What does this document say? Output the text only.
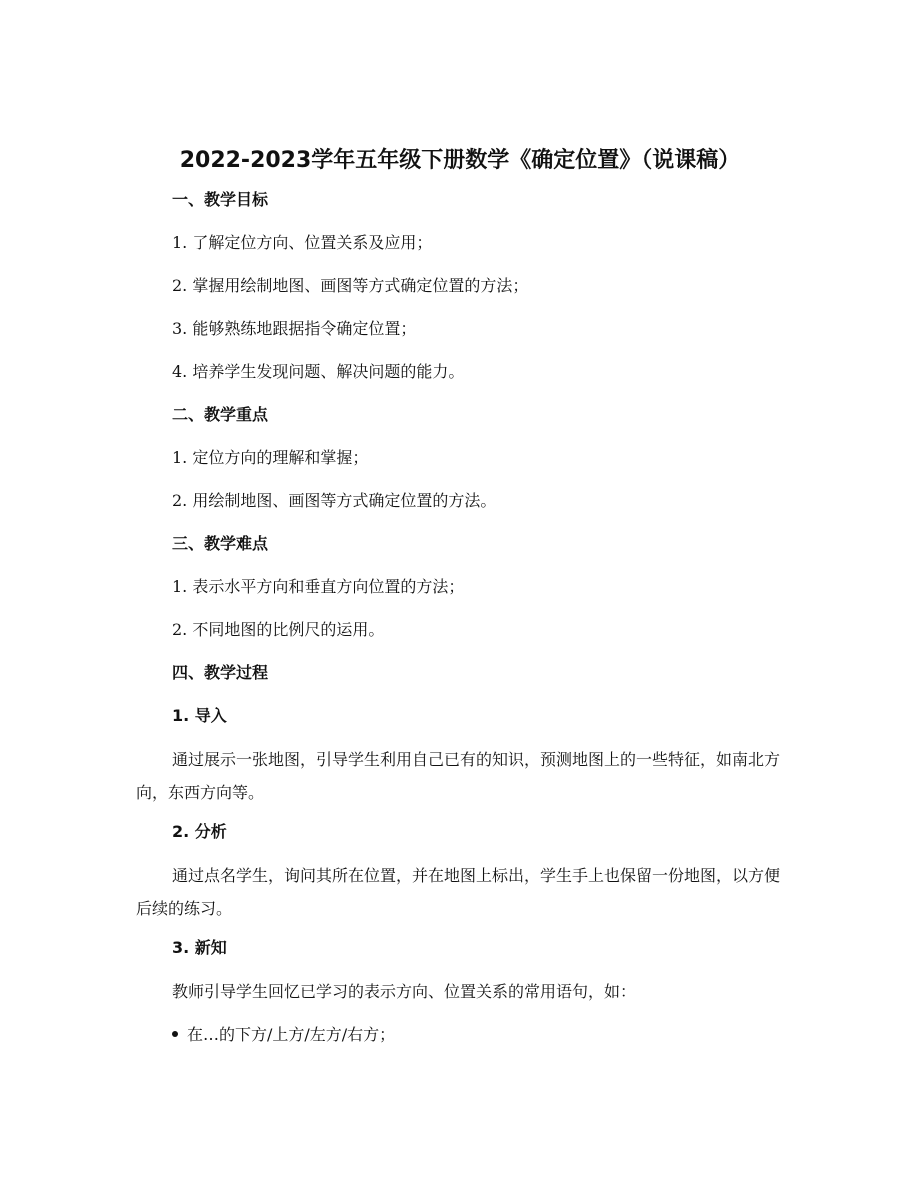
2022-2023学年五年级下册数学《确定位置》（说课稿）
一、教学目标
1. 了解定位方向、位置关系及应用；
2. 掌握用绘制地图、画图等方式确定位置的方法；
3. 能够熟练地跟据指令确定位置；
4. 培养学生发现问题、解决问题的能力。
二、教学重点
1. 定位方向的理解和掌握；
2. 用绘制地图、画图等方式确定位置的方法。
三、教学难点
1. 表示水平方向和垂直方向位置的方法；
2. 不同地图的比例尺的运用。
四、教学过程
1. 导入
通过展示一张地图，引导学生利用自己已有的知识，预测地图上的一些特征，如南北方向，东西方向等。
2. 分析
通过点名学生，询问其所在位置，并在地图上标出，学生手上也保留一份地图，以方便后续的练习。
3. 新知
教师引导学生回忆已学习的表示方向、位置关系的常用语句，如：
在…的下方/上方/左方/右方；
